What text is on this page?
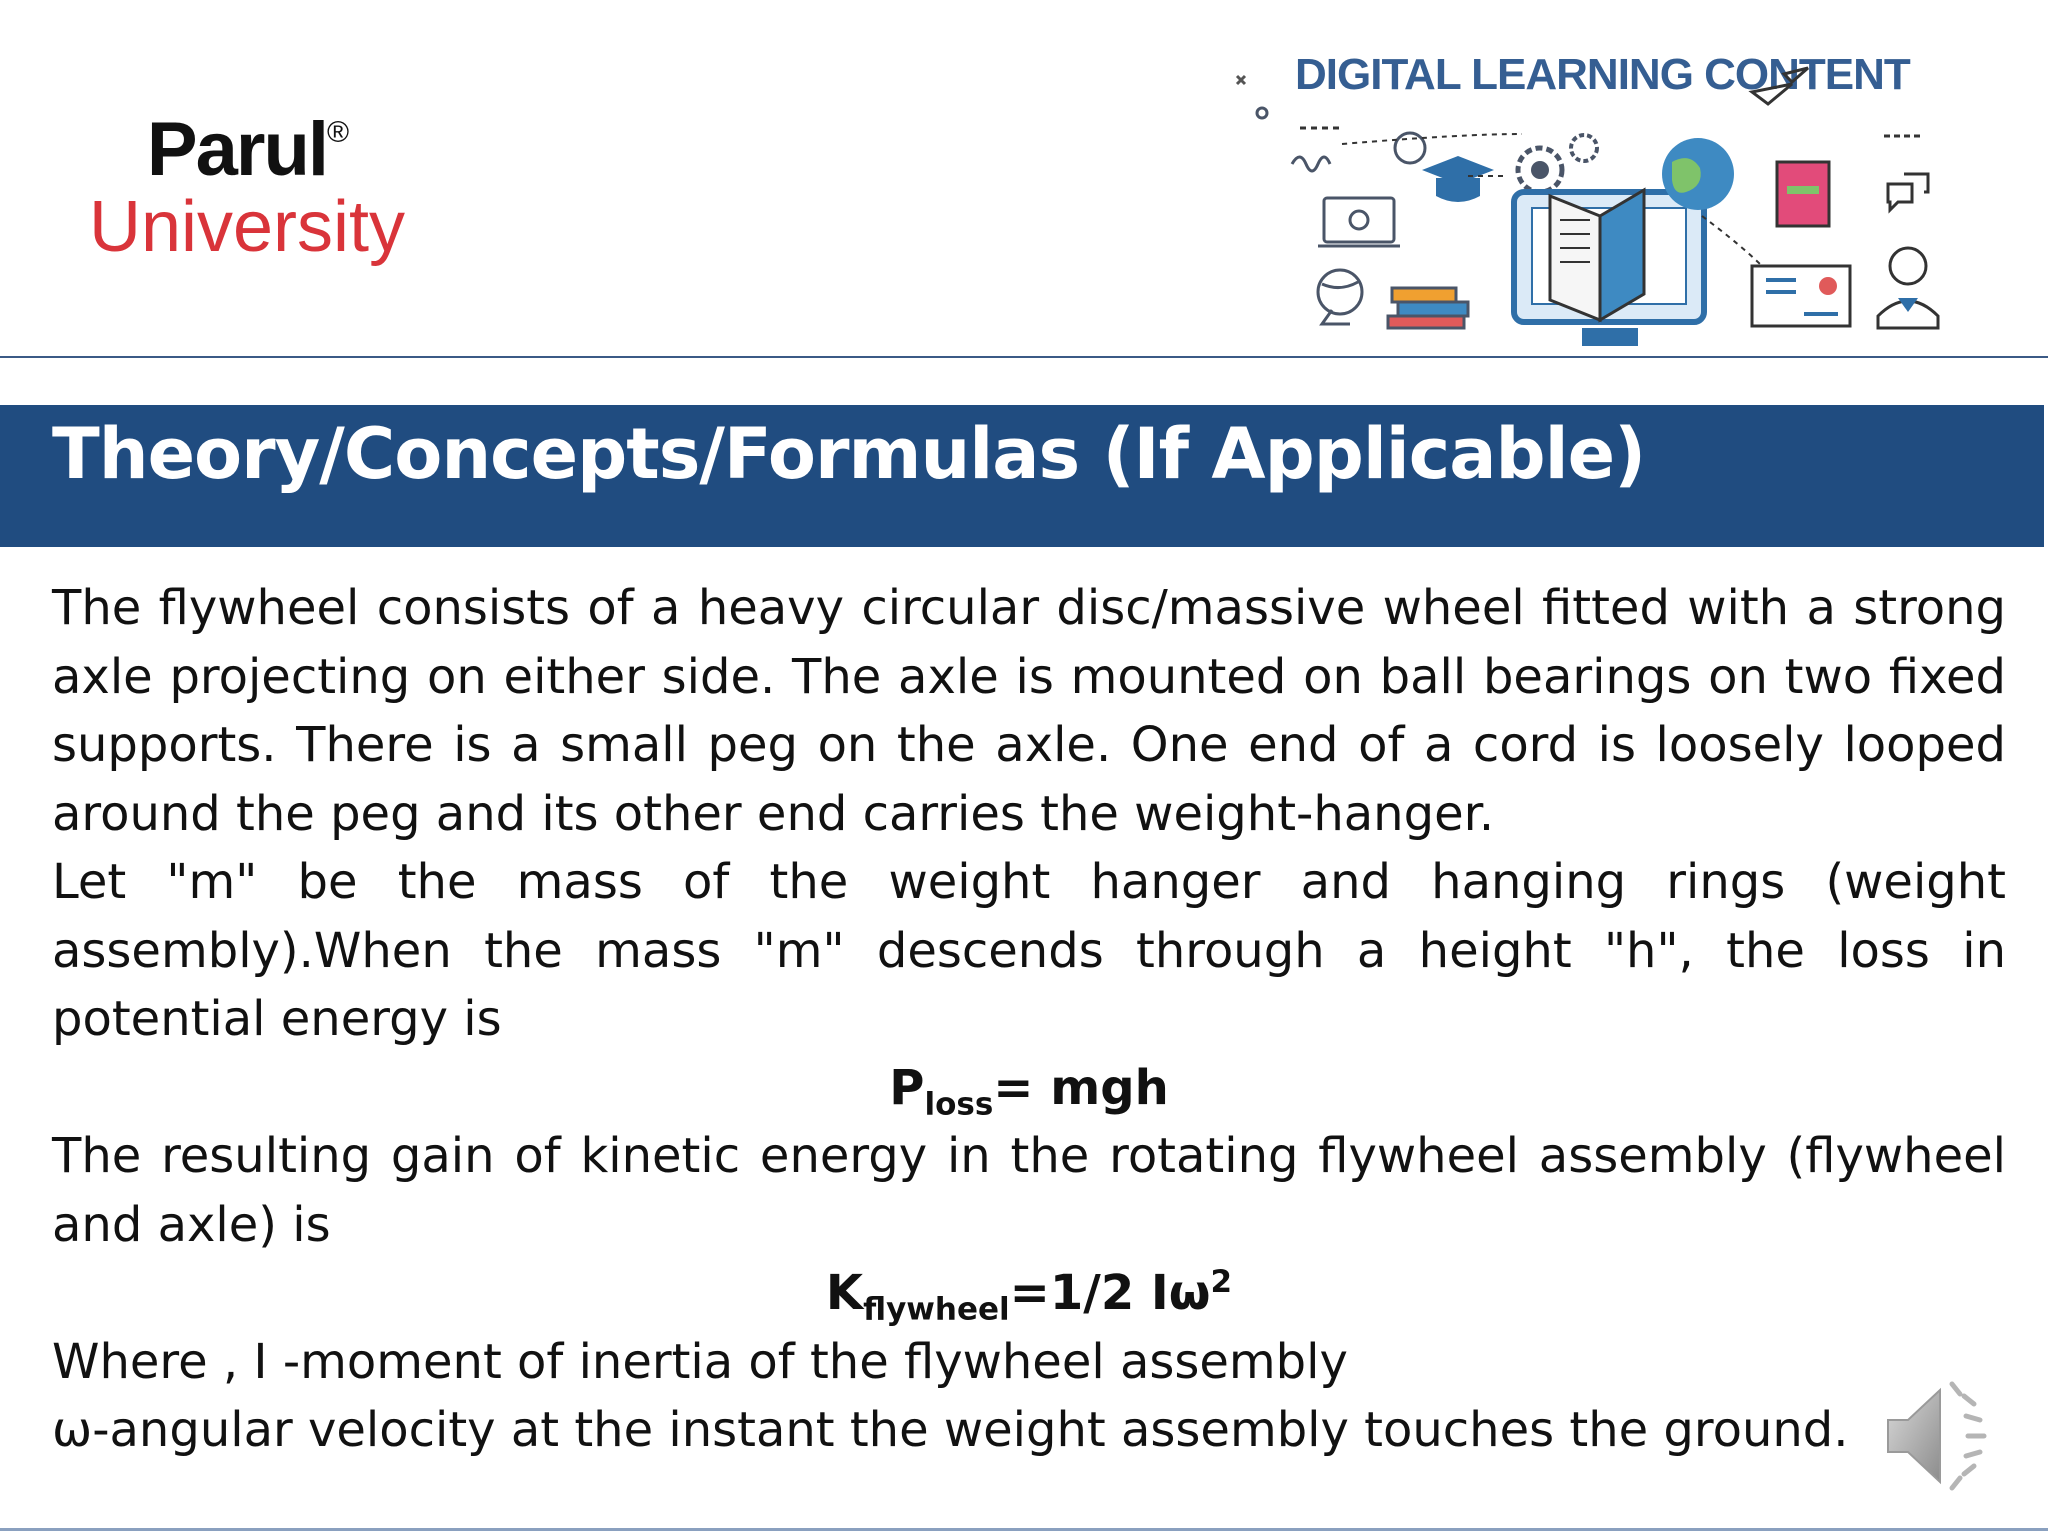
Parul®
University
DIGITAL LEARNING CONTENT
Theory/Concepts/Formulas (If Applicable)

The flywheel consists of a heavy circular disc/massive wheel fitted with a strong axle projecting on either side. The axle is mounted on ball bearings on two fixed supports. There is a small peg on the axle. One end of a cord is loosely looped around the peg and its other end carries the weight-hanger.

Let "m" be the mass of the weight hanger and hanging rings (weight assembly).When the mass "m" descends through a height "h", the loss in potential energy is

$P_{loss}=$ mgh

The resulting gain of kinetic energy in the rotating flywheel assembly (flywheel and axle) is

$K_{flywheel}=1/2$ $I\omega^2$

Where , I -moment of inertia of the flywheel assembly

ω-angular velocity at the instant the weight assembly touches the ground.
